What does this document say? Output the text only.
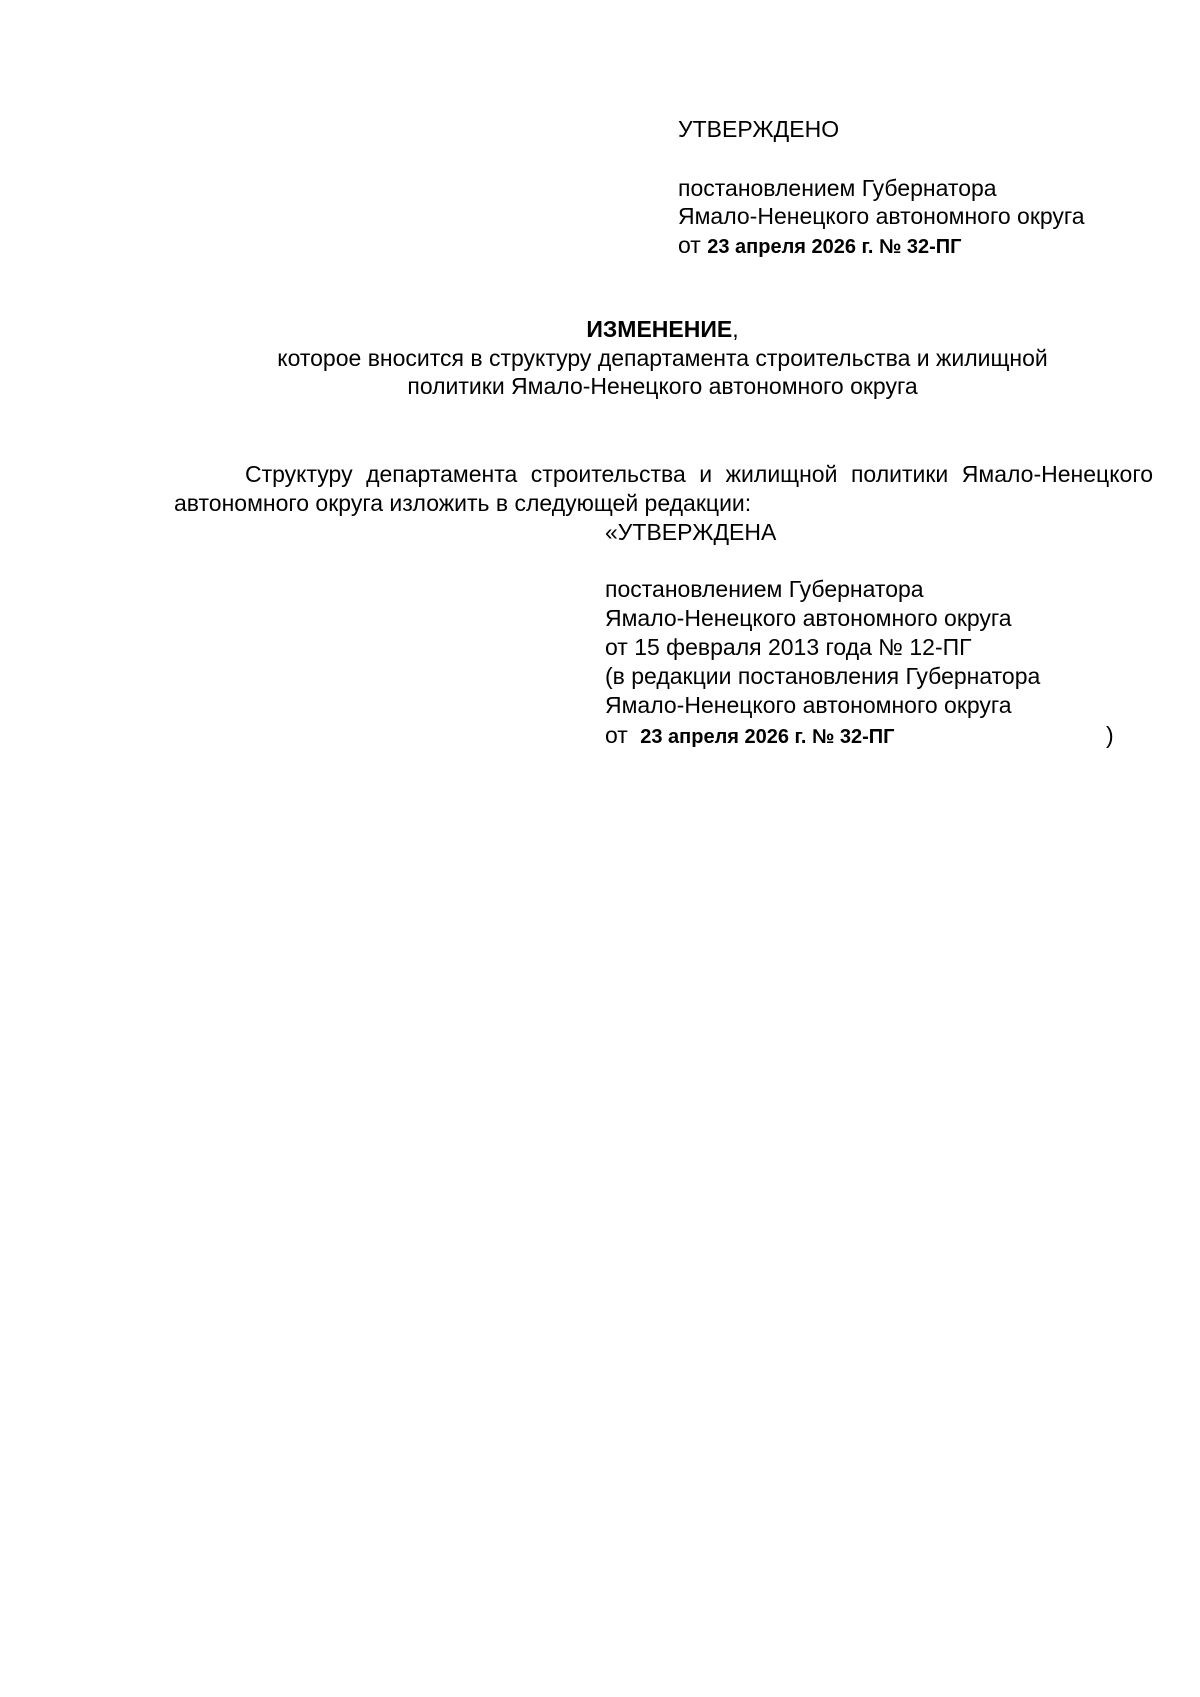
УТВЕРЖДЕНО
постановлением Губернатора
Ямало-Ненецкого автономного округа
от 23 апреля 2026 г. № 32-ПГ
ИЗМЕНЕНИЕ,
которое вносится в структуру департамента строительства и жилищной
политики Ямало-Ненецкого автономного округа
Структуру департамента строительства и жилищной политики Ямало-Ненецкого автономного округа изложить в следующей редакции:
«УТВЕРЖДЕНА
постановлением Губернатора
Ямало-Ненецкого автономного округа
от 15 февраля 2013 года № 12-ПГ
(в редакции постановления Губернатора
Ямало-Ненецкого автономного округа
от 23 апреля 2026 г. № 32-ПГ	)
